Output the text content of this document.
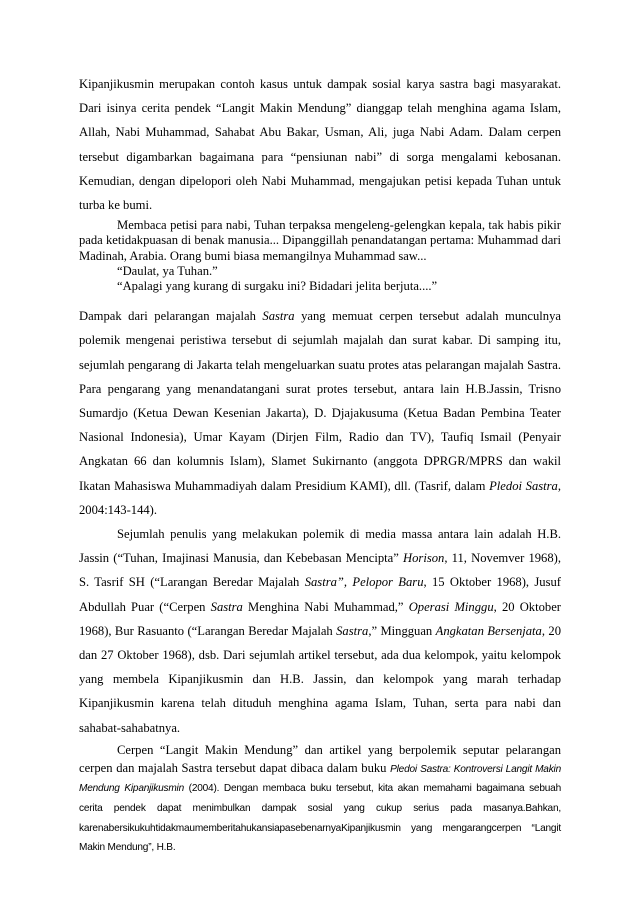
Kipanjikusmin merupakan contoh kasus untuk dampak sosial karya sastra bagi masyarakat. Dari isinya cerita pendek “Langit Makin Mendung” dianggap telah menghina agama Islam, Allah, Nabi Muhammad, Sahabat Abu Bakar, Usman, Ali, juga Nabi Adam. Dalam cerpen tersebut digambarkan bagaimana para “pensiunan nabi” di sorga mengalami kebosanan. Kemudian, dengan dipelopori oleh Nabi Muhammad, mengajukan petisi kepada Tuhan untuk turba ke bumi.

Membaca petisi para nabi, Tuhan terpaksa mengeleng-gelengkan kepala, tak habis pikir pada ketidakpuasan di benak manusia... Dipanggillah penandatangan pertama: Muhammad dari Madinah, Arabia. Orang bumi biasa memangilnya Muhammad saw...

“Daulat, ya Tuhan.”

“Apalagi yang kurang di surgaku ini? Bidadari jelita berjuta....”

Dampak dari pelarangan majalah Sastra yang memuat cerpen tersebut adalah munculnya polemik mengenai peristiwa tersebut di sejumlah majalah dan surat kabar. Di samping itu, sejumlah pengarang di Jakarta telah mengeluarkan suatu protes atas pelarangan majalah Sastra. Para pengarang yang menandatangani surat protes tersebut, antara lain H.B.Jassin, Trisno Sumardjo (Ketua Dewan Kesenian Jakarta), D. Djajakusuma (Ketua Badan Pembina Teater Nasional Indonesia), Umar Kayam (Dirjen Film, Radio dan TV), Taufiq Ismail (Penyair Angkatan 66 dan kolumnis Islam), Slamet Sukirnanto (anggota DPRGR/MPRS dan wakil Ikatan Mahasiswa Muhammadiyah dalam Presidium KAMI), dll. (Tasrif, dalam Pledoi Sastra, 2004:143-144).

Sejumlah penulis yang melakukan polemik di media massa antara lain adalah H.B. Jassin (“Tuhan, Imajinasi Manusia, dan Kebebasan Mencipta” Horison, 11, Novemver 1968), S. Tasrif SH (“Larangan Beredar Majalah Sastra”, Pelopor Baru, 15 Oktober 1968), Jusuf Abdullah Puar (“Cerpen Sastra Menghina Nabi Muhammad,” Operasi Minggu, 20 Oktober 1968), Bur Rasuanto (“Larangan Beredar Majalah Sastra,” Mingguan Angkatan Bersenjata, 20 dan 27 Oktober 1968), dsb. Dari sejumlah artikel tersebut, ada dua kelompok, yaitu kelompok yang membela Kipanjikusmin dan H.B. Jassin, dan kelompok yang marah terhadap Kipanjikusmin karena telah dituduh menghina agama Islam, Tuhan, serta para nabi dan sahabat-sahabatnya.

Cerpen “Langit Makin Mendung” dan artikel yang berpolemik seputar pelarangan cerpen dan majalah Sastra tersebut dapat dibaca dalam buku Pledoi Sastra: Kontroversi Langit Makin Mendung Kipanjikusmin (2004). Dengan membaca buku tersebut, kita akan memahami bagaimana sebuah cerita pendek dapat menimbulkan dampak sosial yang cukup serius pada masanya.Bahkan, karenabersikukuhtidakmaumemberitahukansiapasebenarnyaKipanjikusmin yang mengarangcerpen “Langit Makin Mendung”, H.B.
